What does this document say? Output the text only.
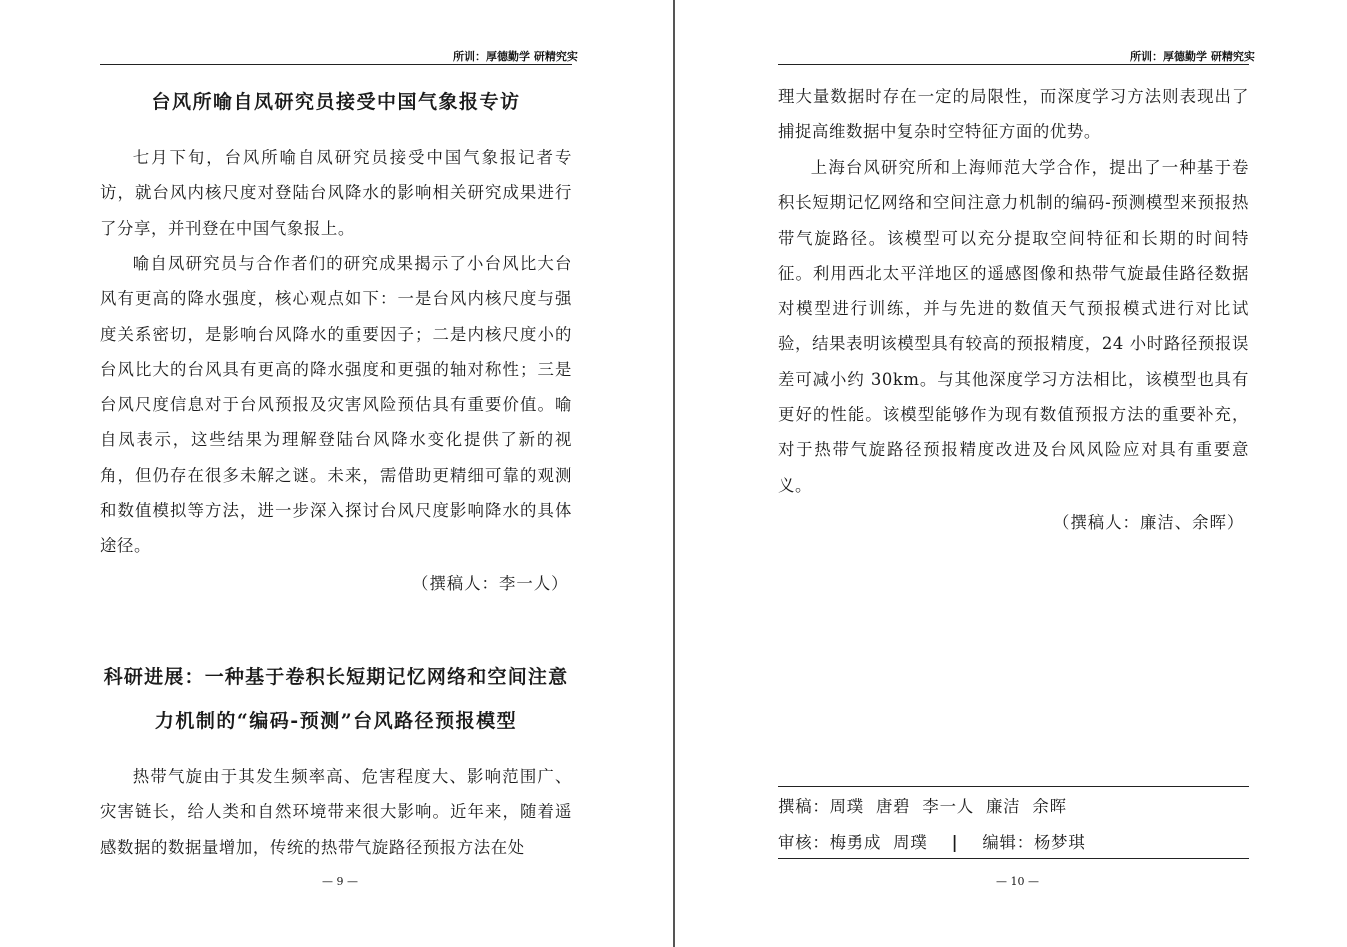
所训：厚德勤学 研精究实
台风所喻自凤研究员接受中国气象报专访

七月下旬，台风所喻自凤研究员接受中国气象报记者专访，就台风内核尺度对登陆台风降水的影响相关研究成果进行了分享，并刊登在中国气象报上。

喻自凤研究员与合作者们的研究成果揭示了小台风比大台风有更高的降水强度，核心观点如下：一是台风内核尺度与强度关系密切，是影响台风降水的重要因子；二是内核尺度小的台风比大的台风具有更高的降水强度和更强的轴对称性；三是台风尺度信息对于台风预报及灾害风险预估具有重要价值。喻自凤表示，这些结果为理解登陆台风降水变化提供了新的视角，但仍存在很多未解之谜。未来，需借助更精细可靠的观测和数值模拟等方法，进一步深入探讨台风尺度影响降水的具体途径。

（撰稿人：李一人）
科研进展：一种基于卷积长短期记忆网络和空间注意
力机制的“编码-预测”台风路径预报模型

热带气旋由于其发生频率高、危害程度大、影响范围广、灾害链长，给人类和自然环境带来很大影响。近年来，随着遥感数据的数据量增加，传统的热带气旋路径预报方法在处

— 9 —
所训：厚德勤学 研精究实

理大量数据时存在一定的局限性，而深度学习方法则表现出了捕捉高维数据中复杂时空特征方面的优势。

上海台风研究所和上海师范大学合作，提出了一种基于卷积长短期记忆网络和空间注意力机制的编码-预测模型来预报热带气旋路径。该模型可以充分提取空间特征和长期的时间特征。利用西北太平洋地区的遥感图像和热带气旋最佳路径数据对模型进行训练，并与先进的数值天气预报模式进行对比试验，结果表明该模型具有较高的预报精度，24 小时路径预报误差可减小约 30km。与其他深度学习方法相比，该模型也具有更好的性能。该模型能够作为现有数值预报方法的重要补充，对于热带气旋路径预报精度改进及台风风险应对具有重要意义。

（撰稿人：廉洁、余晖）
撰稿：周璞  唐碧  李一人  廉洁  余晖
审核：梅勇成  周璞 | 编辑：杨梦琪
— 10 —
